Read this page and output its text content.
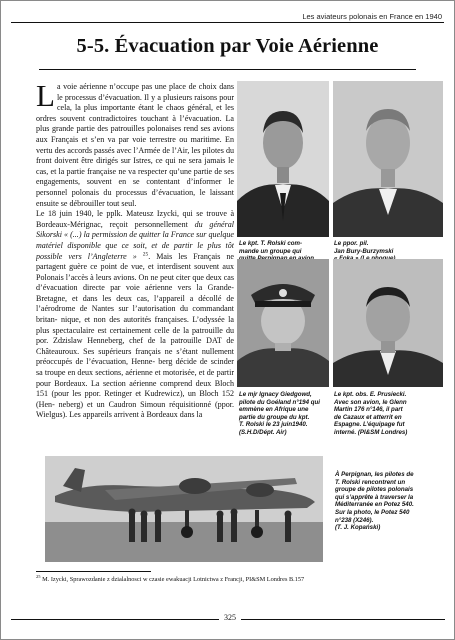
Les aviateurs polonais en France en 1940
5-5. Évacuation par Voie Aérienne
L a voie aérienne n’occupe pas une place de choix dans le processus d’évacuation. Il y a plusieurs raisons pour cela, la plus importante étant le chaos général, et les ordres souvent contradictoires touchant à l’évacuation. La plus grande partie des patrouilles polonaises rend ses avions aux Français et s’en va par voie terrestre ou maritime. En vertu des accords passés avec l’Armée de l’Air, les pilotes du front doivent être dirigés sur Istres, ce qui ne sera jamais le cas, et la partie française ne va respecter qu’une partie de ses engagements, souvent en se contentant d’informer le personnel polonais du processus d’évacuation, le laissant ensuite se débrouiller tout seul.
Le 18 juin 1940, le pplk. Mateusz Izycki, qui se trouve à Bordeaux-Mérignac, reçoit personnellement du général Sikorski « (...) la permission de quitter la France sur quelque matériel disponible que ce soit, et de partir le plus tôt possible vers l’Angleterre » $^{25}$. Mais les Français ne partagent guère ce point de vue, et interdisent souvent aux Polonais l’accès à leurs avions. On ne peut citer que deux cas d’évacuation directe par voie aérienne vers la Grande-Bretagne, et dans les deux cas, l’appareil a décollé de l’aérodrome de Nantes sur l’autorisation du commandant britan- nique, et non des autorités françaises. L’odyssée la plus spectaculaire est certainement celle de la patrouille du por. Zdzislaw Henneberg, chef de la patrouille DAT de Châteauroux. Ses supérieurs français ne s’étant nullement préoccupés de l’évacuation, Henne- berg décide de scinder sa troupe en deux sections, aérienne et motorisée, et de partir pour Bordeaux. La section aérienne comprend deux Bloch 151 (pour les ppor. Retinger et Kudrewicz), un Bloch 152 (Hen- neberg) et un Caudron Simoun réquisitionné (ppor. Wielgus). Les appareils arrivent à Bordeaux dans la
Le kpt. T. Rolski com-
mande un groupe qui
Le ppor. pil.
Jan Bury-Burzymski
Le mjr Ignacy Giedgowd,
pilote du Goéland n°194 qui
emmène en Afrique une
partie du groupe du kpt.
T. Rolski le 23 juin1940.
(S.H.D/Dépt. Air)
Le kpt. obs. E. Prusiecki.
Avec son avion, le Glenn
Martin 176 n°146, il part
de Cazaux et atterrit en
Espagne. L’équipage fut
interné. (PI&SM Londres)
À Perpignan, les pilotes de
T. Rolski rencontrent un
groupe de pilotes polonais
qui s’apprête à traverser la
Méditerranée en Potez 540.
Sur la photo, le Potez 540
n°238 (X246).
(T. J. Kopański)
$^{25}$ M. Izycki, Sprawozdanie z dzialalnosci w czasie ewakuacji Lotnictwa z Francji, PI&SM Londres B.157
325
